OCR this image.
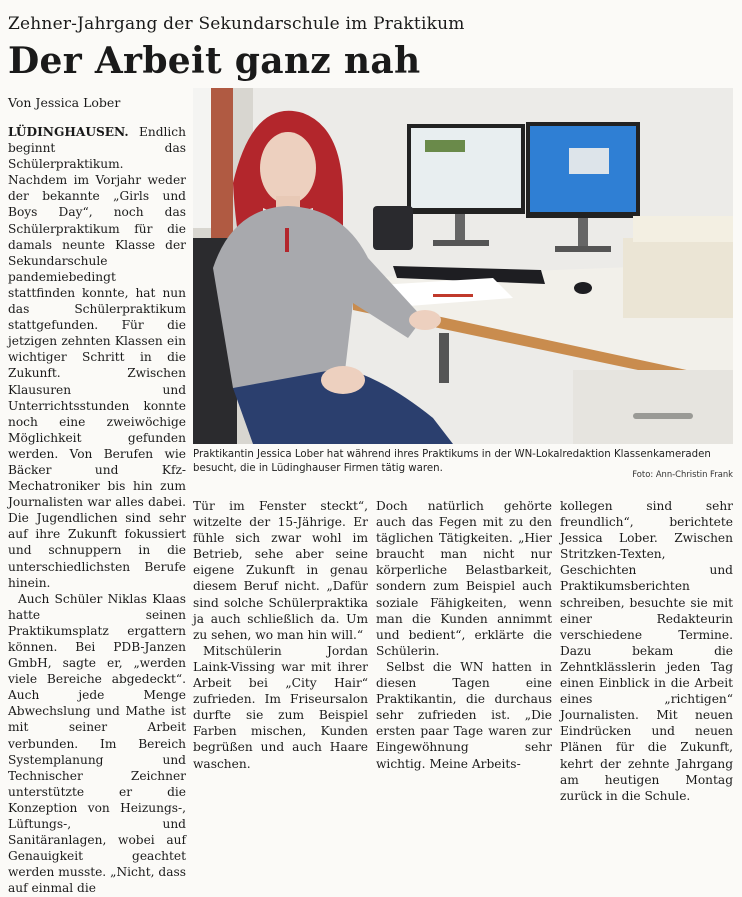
Zehner-Jahrgang der Sekundarschule im Praktikum
Der Arbeit ganz nah
Von Jessica Lober

LÜDINGHAUSEN. Endlich beginnt das Schülerpraktikum. Nachdem im Vorjahr weder der bekannte „Girls und Boys Day“, noch das Schülerpraktikum für die damals neunte Klasse der Sekundarschule pandemiebedingt stattfinden konnte, hat nun das Schülerpraktikum stattgefunden. Für die jetzigen zehnten Klassen ein wichtiger Schritt in die Zukunft. Zwischen Klausuren und Unterrichtsstunden konnte noch eine zweiwöchige Möglichkeit gefunden werden. Von Berufen wie Bäcker und Kfz-Mechatroniker bis hin zum Journalisten war alles dabei. Die Jugendlichen sind sehr auf ihre Zukunft fokussiert und schnuppern in die unterschiedlichsten Berufe hinein.

Auch Schüler Niklas Klaas hatte seinen Praktikumsplatz ergattern können. Bei PDB-Janzen GmbH, sagte er, „werden viele Bereiche abgedeckt“. Auch jede Menge Abwechslung und Mathe ist mit seiner Arbeit verbunden. Im Bereich Systemplanung und Technischer Zeichner unterstützte er die Konzeption von Heizungs-, Lüftungs-, und Sanitäranlagen, wobei auf Genauigkeit geachtet werden musste. „Nicht, dass auf einmal die

Tür im Fenster steckt“, witzelte der 15-Jährige. Er fühle sich zwar wohl im Betrieb, sehe aber seine eigene Zukunft in genau diesem Beruf nicht. „Dafür sind solche Schülerpraktika ja auch schließlich da. Um zu sehen, wo man hin will.“

Mitschülerin Jordan Laink-Vissing war mit ihrer Arbeit bei „City Hair“ zufrieden. Im Friseursalon durfte sie zum Beispiel Farben mischen, Kunden begrüßen und auch Haare waschen.

Doch natürlich gehörte auch das Fegen mit zu den täglichen Tätigkeiten. „Hier braucht man nicht nur körperliche Belastbarkeit, sondern zum Beispiel auch soziale Fähigkeiten, wenn man die Kunden annimmt und bedient“, erklärte die Schülerin.

Selbst die WN hatten in diesen Tagen eine Praktikantin, die durchaus sehr zufrieden ist. „Die ersten paar Tage waren zur Eingewöhnung sehr wichtig. Meine Arbeits-

kollegen sind sehr freundlich“, berichtete Jessica Lober. Zwischen Stritzken-Texten, Geschichten und Praktikumsberichten schreiben, besuchte sie mit einer Redakteurin verschiedene Termine. Dazu bekam die Zehntklässlerin jeden Tag einen Einblick in die Arbeit eines „richtigen“ Journalisten. Mit neuen Eindrücken und neuen Plänen für die Zukunft, kehrt der zehnte Jahrgang am heutigen Montag zurück in die Schule.

Praktikantin Jessica Lober hat während ihres Praktikums in der WN-Lokalredaktion Klassenkameraden besucht, die in Lüdinghauser Firmen tätig waren.
Foto: Ann-Christin Frank
